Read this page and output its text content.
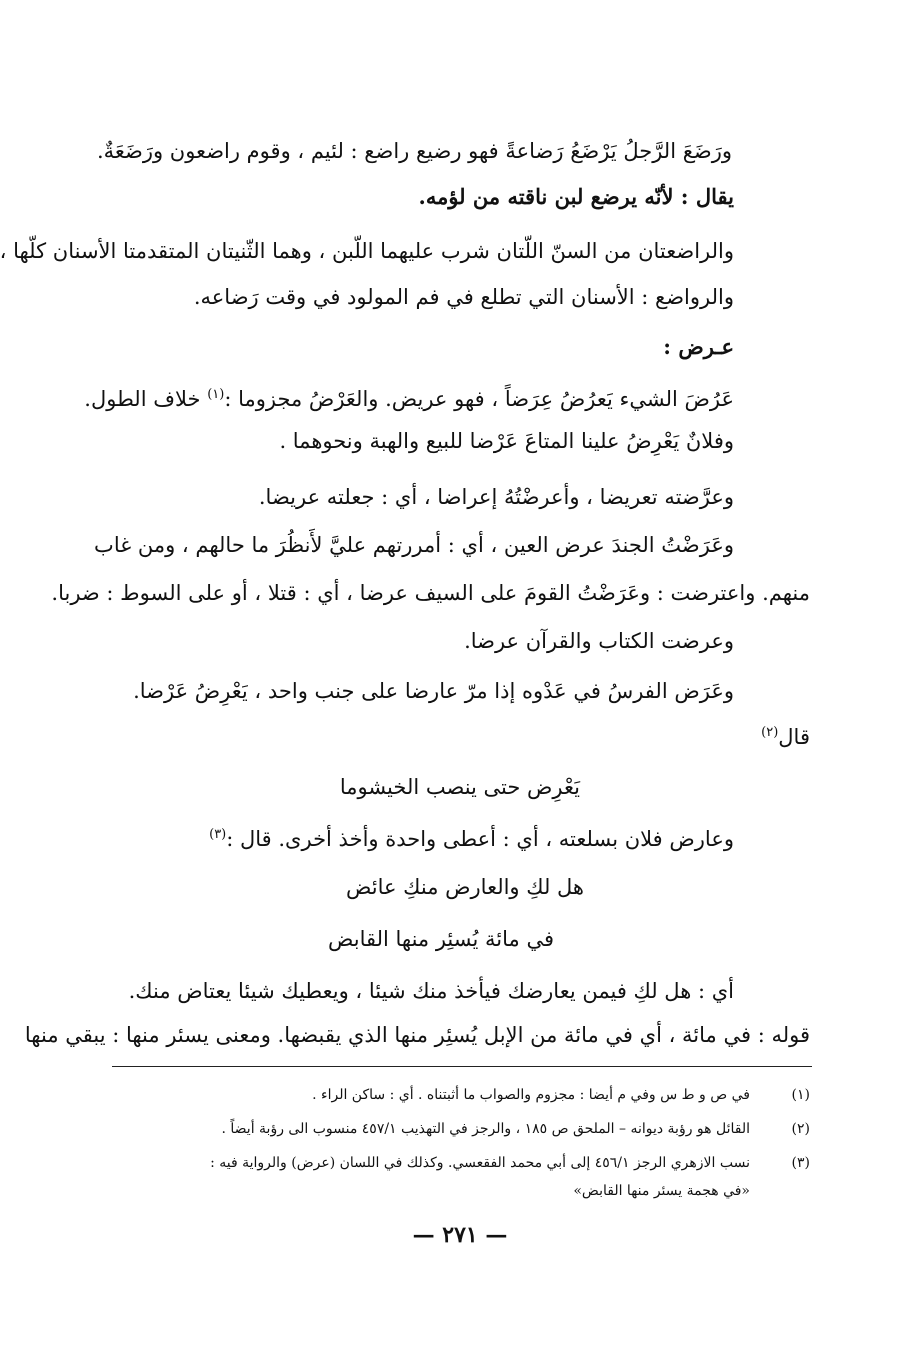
ورَضَعَ الرَّجلُ يَرْضَعُ رَضاعةً فهو رضيع راضع : لئيم ، وقوم راضعون ورَضَعَةٌ.
يقال : لأنّه يرضع لبن ناقته من لؤمه.
والراضعتان من السنّ اللّتان شرب عليهما اللّبن ، وهما الثّنيتان المتقدمتا الأسنان كلّها ،
والرواضع : الأسنان التي تطلع في فم المولود في وقت رَضاعه.
عـرض :
عَرُضَ الشيء يَعرُضُ عِرَضاً ، فهو عريض. والعَرْضُ مجزوما :$^{(١)}$ خلاف الطول.
وفلانٌ يَعْرِضُ علينا المتاعَ عَرْضا للبيع والهبة ونحوهما .
وعرَّضته تعريضا ، وأعرضْتُهُ إعراضا ، أي : جعلته عريضا.
وعَرَضْتُ الجندَ عرض العين ، أي : أمررتهم عليَّ لأَنظُرَ ما حالهم ، ومن غاب
منهم. واعترضت : وعَرَضْتُ القومَ على السيف عرضا ، أي : قتلا ، أو على السوط : ضربا.
وعرضت الكتاب والقرآن عرضا.
وعَرَض الفرسُ في عَدْوه إذا مرّ عارضا على جنب واحد ، يَعْرِضُ عَرْضا.
قال$^{(٢)}$
يَعْرِض حتى ينصب الخيشوما
وعارض فلان بسلعته ، أي : أعطى واحدة وأخذ أخرى. قال :$^{(٣)}$
هل لكِ والعارض منكِ عائض
في مائة يُسئِر منها القابض
أي : هل لكِ فيمن يعارضك فيأخذ منك شيئا ، ويعطيك شيئا يعتاض منك.
قوله : في مائة ، أي في مائة من الإبل يُسئِر منها الذي يقبضها. ومعنى يسئر منها : يبقي منها
(١)
في ص و ط س وفي م أيضا : مجزوم والصواب ما أثبتناه . أي : ساكن الراء .
(٢)
القائل هو رؤبة ديوانه – الملحق ص ١٨٥ ، والرجز في التهذيب ٤٥٧/١ منسوب الى رؤبة أيضاً .
(٣)
نسب الازهري الرجز ٤٥٦/١ إلى أبي محمد الفقعسي. وكذلك في اللسان (عرض) والرواية فيه :
«في هجمة يسئر منها القابض»
— ٢٧١ —
